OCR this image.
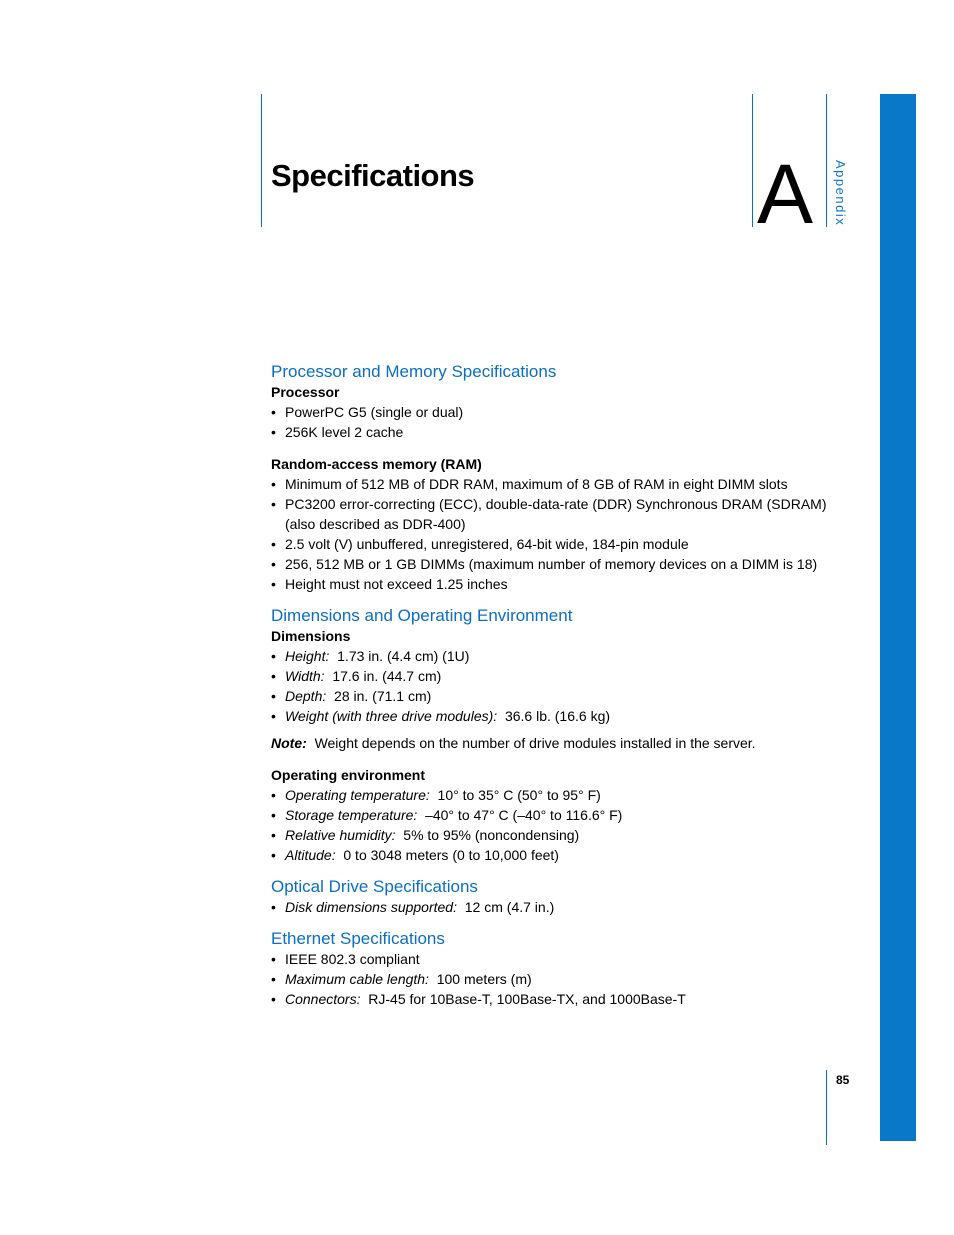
Specifications	A Appendix
Processor and Memory Specifications
Processor
• PowerPC G5 (single or dual)
• 256K level 2 cache
Random-access memory (RAM)
• Minimum of 512 MB of DDR RAM, maximum of 8 GB of RAM in eight DIMM slots
• PC3200 error-correcting (ECC), double-data-rate (DDR) Synchronous DRAM (SDRAM) (also described as DDR-400)
• 2.5 volt (V) unbuffered, unregistered, 64-bit wide, 184-pin module
• 256, 512 MB or 1 GB DIMMs (maximum number of memory devices on a DIMM is 18)
• Height must not exceed 1.25 inches
Dimensions and Operating Environment
Dimensions
• Height: 1.73 in. (4.4 cm) (1U)
• Width: 17.6 in. (44.7 cm)
• Depth: 28 in. (71.1 cm)
• Weight (with three drive modules): 36.6 lb. (16.6 kg)

Note: Weight depends on the number of drive modules installed in the server.

Operating environment
• Operating temperature: 10° to 35° C (50° to 95° F)
• Storage temperature: –40° to 47° C (–40° to 116.6° F)
• Relative humidity: 5% to 95% (noncondensing)
• Altitude: 0 to 3048 meters (0 to 10,000 feet)
Optical Drive Specifications
• Disk dimensions supported: 12 cm (4.7 in.)
Ethernet Specifications
• IEEE 802.3 compliant
• Maximum cable length: 100 meters (m)
• Connectors: RJ-45 for 10Base-T, 100Base-TX, and 1000Base-T
85
